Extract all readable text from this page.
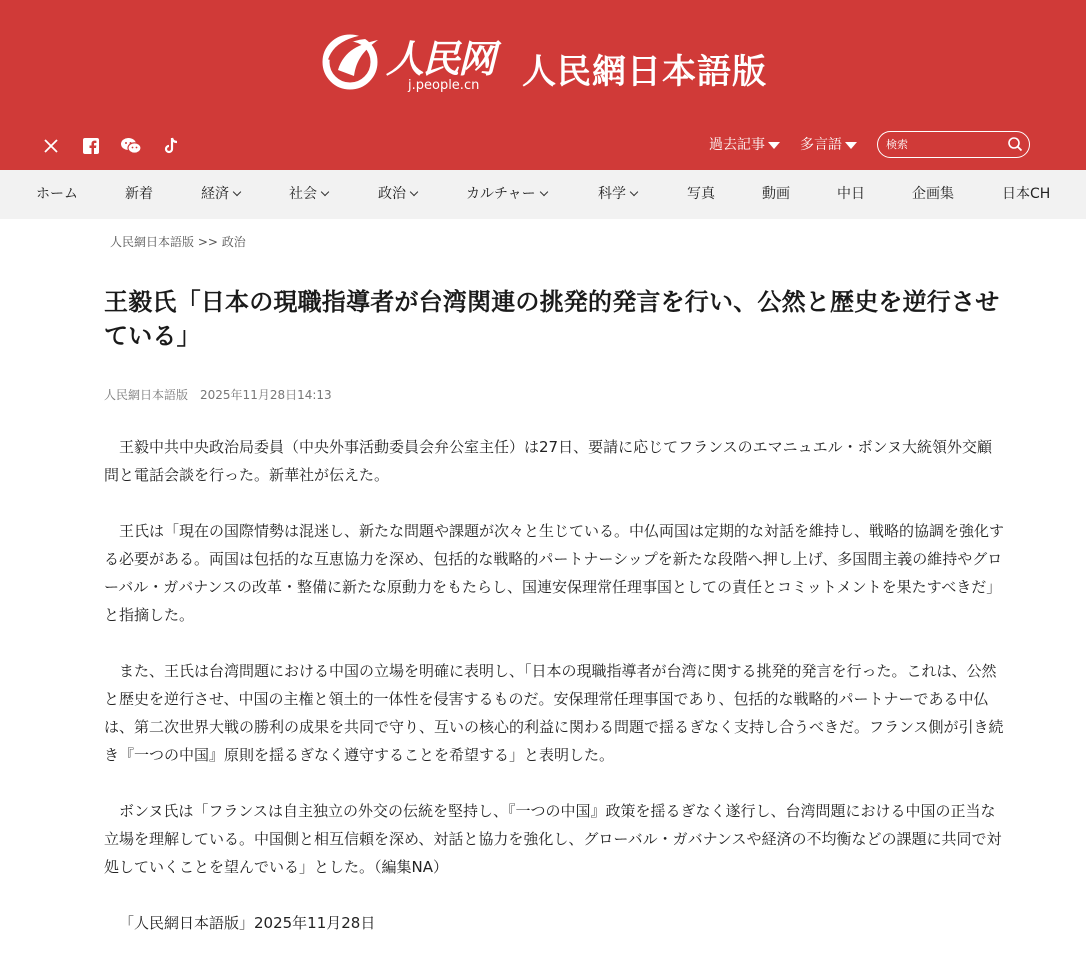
人民网
j.people.cn 人民網日本語版
過去記事	多言語
検索
ホーム	新着	経済	社会	政治	カルチャー	科学	写真	動画	中日	企画集	日本CH
人民網日本語版 >> 政治
王毅氏「日本の現職指導者が台湾関連の挑発的発言を行い、公然と歴史を逆行させている」
人民網日本語版 2025年11月28日14:13

王毅中共中央政治局委員（中央外事活動委員会弁公室主任）は27日、要請に応じてフランスのエマニュエル・ボンヌ大統領外交顧問と電話会談を行った。新華社が伝えた。

王氏は「現在の国際情勢は混迷し、新たな問題や課題が次々と生じている。中仏両国は定期的な対話を維持し、戦略的協調を強化する必要がある。両国は包括的な互恵協力を深め、包括的な戦略的パートナーシップを新たな段階へ押し上げ、多国間主義の維持やグローバル・ガバナンスの改革・整備に新たな原動力をもたらし、国連安保理常任理事国としての責任とコミットメントを果たすべきだ」と指摘した。

また、王氏は台湾問題における中国の立場を明確に表明し、「日本の現職指導者が台湾に関する挑発的発言を行った。これは、公然と歴史を逆行させ、中国の主権と領土的一体性を侵害するものだ。安保理常任理事国であり、包括的な戦略的パートナーである中仏は、第二次世界大戦の勝利の成果を共同で守り、互いの核心的利益に関わる問題で揺るぎなく支持し合うべきだ。フランス側が引き続き『一つの中国』原則を揺るぎなく遵守することを希望する」と表明した。

ボンヌ氏は「フランスは自主独立の外交の伝統を堅持し、『一つの中国』政策を揺るぎなく遂行し、台湾問題における中国の正当な立場を理解している。中国側と相互信頼を深め、対話と協力を強化し、グローバル・ガバナンスや経済の不均衡などの課題に共同で対処していくことを望んでいる」とした。（編集NA）

「人民網日本語版」2025年11月28日
